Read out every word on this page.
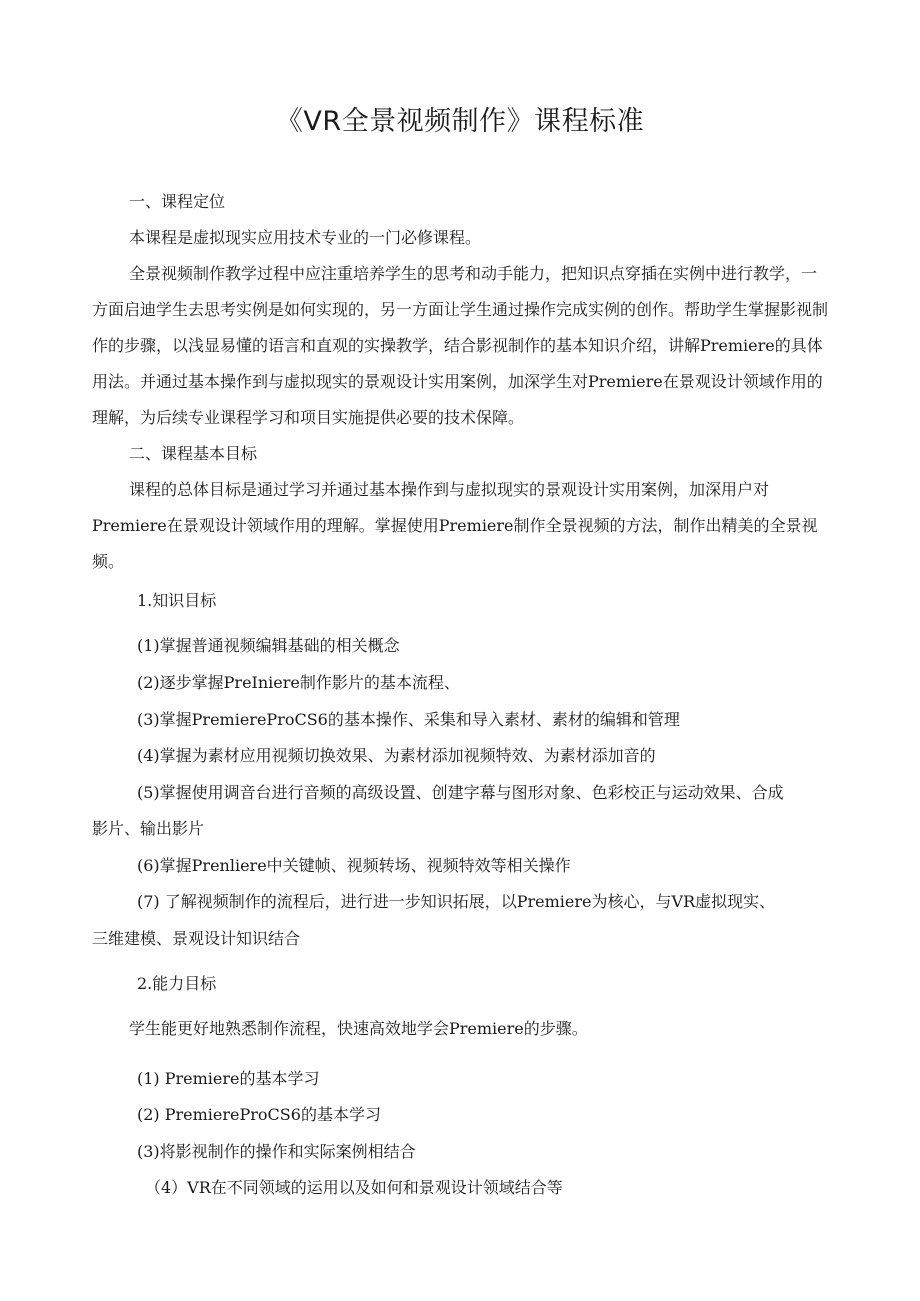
《VR全景视频制作》课程标准

一、课程定位

本课程是虚拟现实应用技术专业的一门必修课程。

全景视频制作教学过程中应注重培养学生的思考和动手能力，把知识点穿插在实例中进行教学，一方面启迪学生去思考实例是如何实现的，另一方面让学生通过操作完成实例的创作。帮助学生掌握影视制作的步骤，以浅显易懂的语言和直观的实操教学，结合影视制作的基本知识介绍，讲解Premiere的具体用法。并通过基本操作到与虚拟现实的景观设计实用案例，加深学生对Premiere在景观设计领域作用的理解，为后续专业课程学习和项目实施提供必要的技术保障。

二、课程基本目标

课程的总体目标是通过学习并通过基本操作到与虚拟现实的景观设计实用案例，加深用户对Premiere在景观设计领域作用的理解。掌握使用Premiere制作全景视频的方法，制作出精美的全景视频。

1.知识目标

(1)掌握普通视频编辑基础的相关概念

(2)逐步掌握PreIniere制作影片的基本流程、

(3)掌握PremiereProCS6的基本操作、采集和导入素材、素材的编辑和管理

(4)掌握为素材应用视频切换效果、为素材添加视频特效、为素材添加音的

(5)掌握使用调音台进行音频的高级设置、创建字幕与图形对象、色彩校正与运动效果、合成

影片、输出影片

(6)掌握Prenliere中关键帧、视频转场、视频特效等相关操作

(7) 了解视频制作的流程后，进行进一步知识拓展，以Premiere为核心，与VR虚拟现实、

三维建模、景观设计知识结合

2.能力目标

学生能更好地熟悉制作流程，快速高效地学会Premiere的步骤。

(1) Premiere的基本学习

(2) PremiereProCS6的基本学习

(3)将影视制作的操作和实际案例相结合

（4）VR在不同领域的运用以及如何和景观设计领域结合等
